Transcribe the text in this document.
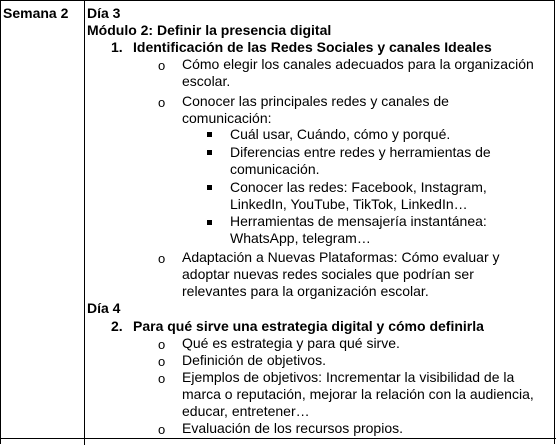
Semana 2 Día 3
Módulo 2: Definir la presencia digital
1. Identificación de las Redes Sociales y canales Ideales
o Cómo elegir los canales adecuados para la organización
escolar.
o Conocer las principales redes y canales de
comunicación:
Cuál usar, Cuándo, cómo y porqué.
Diferencias entre redes y herramientas de
comunicación.
Conocer las redes: Facebook, Instagram,
LinkedIn, YouTube, TikTok, LinkedIn…
Herramientas de mensajería instantánea:
WhatsApp, telegram…
o Adaptación a Nuevas Plataformas: Cómo evaluar y
adoptar nuevas redes sociales que podrían ser
relevantes para la organización escolar.
Día 4
2. Para qué sirve una estrategia digital y cómo definirla
o Qué es estrategia y para qué sirve.
o Definición de objetivos.
o Ejemplos de objetivos: Incrementar la visibilidad de la
marca o reputación, mejorar la relación con la audiencia,
educar, entretener…
o Evaluación de los recursos propios.
